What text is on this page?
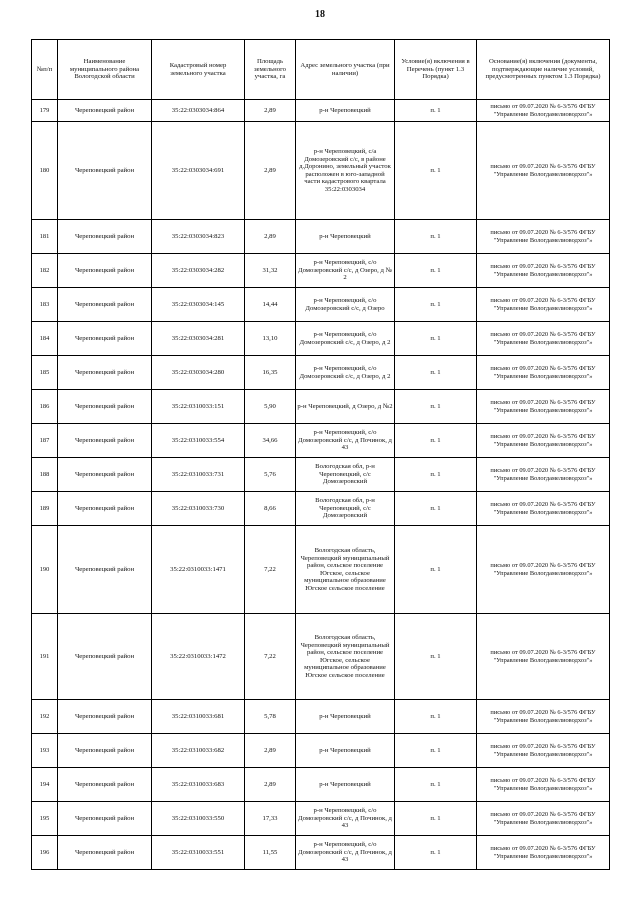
18
№п/п	Наименование муниципального района Вологодской области	Кадастровый номер земельного участка	Площадь земельного участка, га	Адрес земельного участка (при наличии)	Условие(я) включения в Перечень (пункт 1.3 Порядка)	Основание(я) включения (документы, подтверждающие наличие условий, предусмотренных пунктом 1.3 Порядка)
179	Череповецкий район	35:22:0303034:864	2,89	р-н Череповецкий	п. 1	письмо от 09.07.2020 № 6-3/576 ФГБУ "Управление Вологдамелиоводхоз"»
180	Череповецкий район	35:22:0303034:691	2,89	р-н Череповецкий, с/а Домозеровский с/с, в районе д.Доронино, земельный участок расположен в юго-западной части кадастрового квартала 35:22:0303034	п. 1	письмо от 09.07.2020 № 6-3/576 ФГБУ "Управление Вологдамелиоводхоз"»
181	Череповецкий район	35:22:0303034:823	2,89	р-н Череповецкий	п. 1	письмо от 09.07.2020 № 6-3/576 ФГБУ "Управление Вологдамелиоводхоз"»
182	Череповецкий район	35:22:0303034:282	31,32	р-н Череповецкий, с/о Домозеровский с/с, д Озеро, д № 2	п. 1	письмо от 09.07.2020 № 6-3/576 ФГБУ "Управление Вологдамелиоводхоз"»
183	Череповецкий район	35:22:0303034:145	14,44	р-н Череповецкий, с/о Домозеровский с/с, д Озеро	п. 1	письмо от 09.07.2020 № 6-3/576 ФГБУ "Управление Вологдамелиоводхоз"»
184	Череповецкий район	35:22:0303034:281	13,10	р-н Череповецкий, с/о Домозеровский с/с, д Озеро, д 2	п. 1	письмо от 09.07.2020 № 6-3/576 ФГБУ "Управление Вологдамелиоводхоз"»
185	Череповецкий район	35:22:0303034:280	16,35	р-н Череповецкий, с/о Домозеровский с/с, д Озеро, д 2	п. 1	письмо от 09.07.2020 № 6-3/576 ФГБУ "Управление Вологдамелиоводхоз"»
186	Череповецкий район	35:22:0310033:151	5,90	р-н Череповецкий, д Озеро, д №2	п. 1	письмо от 09.07.2020 № 6-3/576 ФГБУ "Управление Вологдамелиоводхоз"»
187	Череповецкий район	35:22:0310033:554	34,66	р-н Череповецкий, с/о Домозеровский с/с, д Починок, д 43	п. 1	письмо от 09.07.2020 № 6-3/576 ФГБУ "Управление Вологдамелиоводхоз"»
188	Череповецкий район	35:22:0310033:731	5,76	Вологодская обл, р-н Череповецкий, с/с Домозеровский	п. 1	письмо от 09.07.2020 № 6-3/576 ФГБУ "Управление Вологдамелиоводхоз"»
189	Череповецкий район	35:22:0310033:730	8,66	Вологодская обл, р-н Череповецкий, с/с Домозеровский	п. 1	письмо от 09.07.2020 № 6-3/576 ФГБУ "Управление Вологдамелиоводхоз"»
190	Череповецкий район	35:22:0310033:1471	7,22	Вологодская область, Череповецкий муниципальный район, сельское поселение Югское, сельское муниципальное образование Югское сельское поселение	п. 1	письмо от 09.07.2020 № 6-3/576 ФГБУ "Управление Вологдамелиоводхоз"»
191	Череповецкий район	35:22:0310033:1472	7,22	Вологодская область, Череповецкий муниципальный район, сельское поселение Югское, сельское муниципальное образование Югское сельское поселение	п. 1	письмо от 09.07.2020 № 6-3/576 ФГБУ "Управление Вологдамелиоводхоз"»
192	Череповецкий район	35:22:0310033:681	5,78	р-н Череповецкий	п. 1	письмо от 09.07.2020 № 6-3/576 ФГБУ "Управление Вологдамелиоводхоз"»
193	Череповецкий район	35:22:0310033:682	2,89	р-н Череповецкий	п. 1	письмо от 09.07.2020 № 6-3/576 ФГБУ "Управление Вологдамелиоводхоз"»
194	Череповецкий район	35:22:0310033:683	2,89	р-н Череповецкий	п. 1	письмо от 09.07.2020 № 6-3/576 ФГБУ "Управление Вологдамелиоводхоз"»
195	Череповецкий район	35:22:0310033:550	17,33	р-н Череповецкий, с/о Домозеровский с/с, д Починок, д 43	п. 1	письмо от 09.07.2020 № 6-3/576 ФГБУ "Управление Вологдамелиоводхоз"»
196	Череповецкий район	35:22:0310033:551	11,55	р-н Череповецкий, с/о Домозеровский с/с, д Починок, д 43	п. 1	письмо от 09.07.2020 № 6-3/576 ФГБУ "Управление Вологдамелиоводхоз"»
